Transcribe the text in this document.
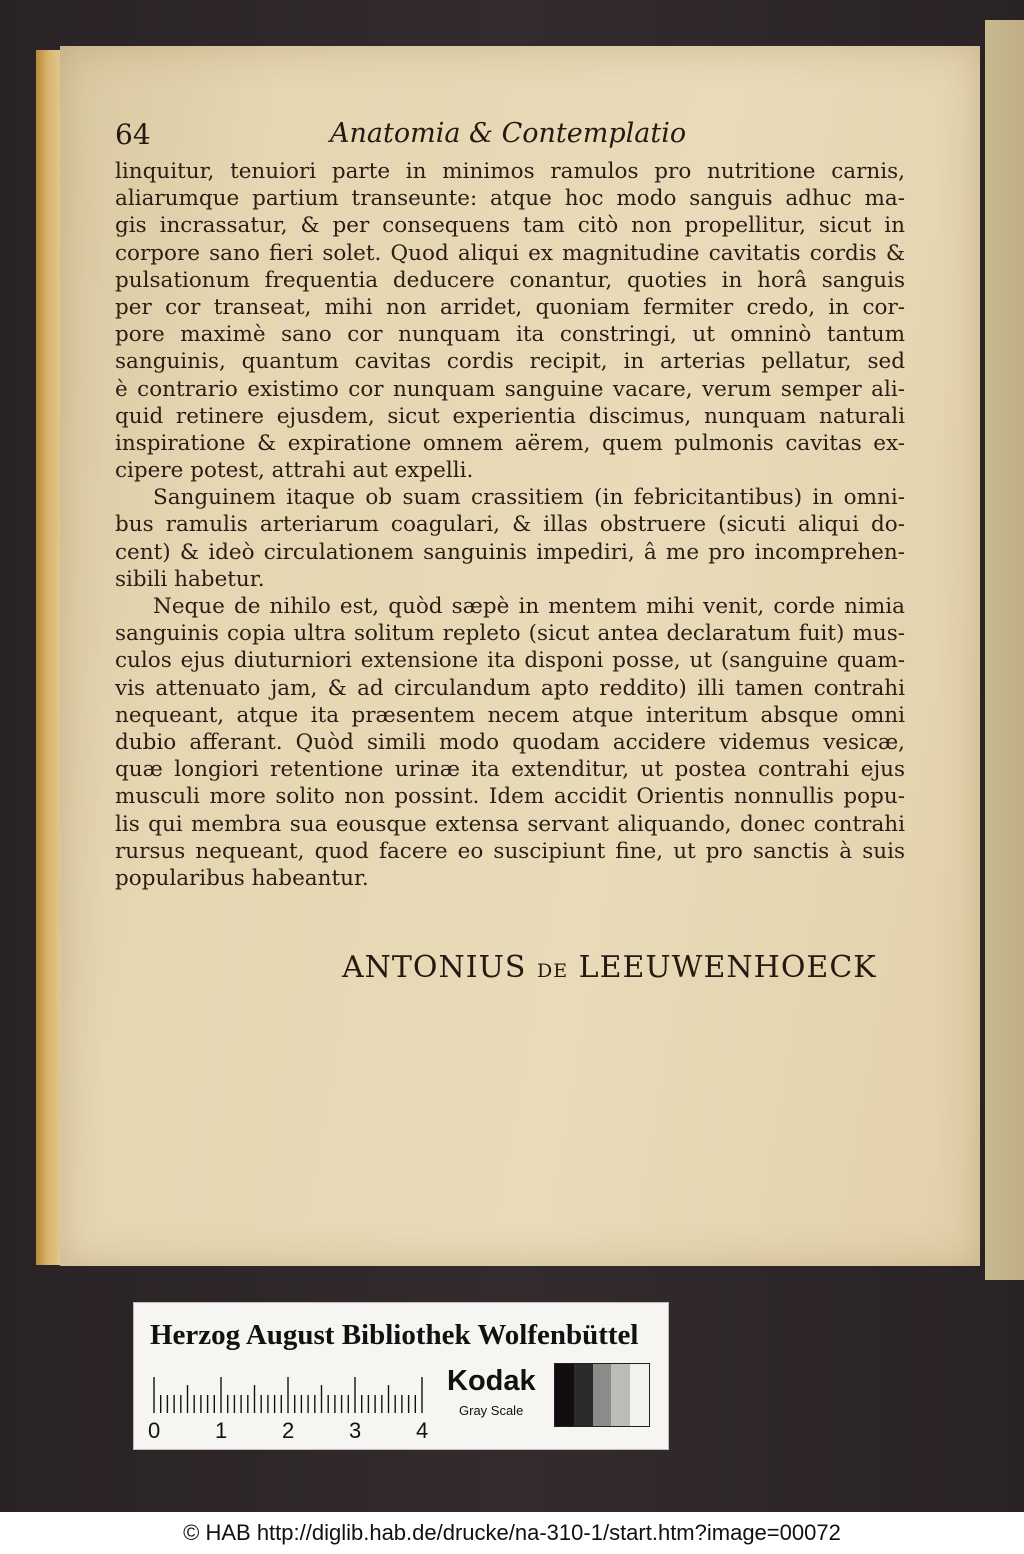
64	Anatomia & Contemplatio
linquitur, tenuiori parte in minimos ramulos pro nutritione carnis,
aliarumque partium transeunte: atque hoc modo sanguis adhuc ma-
gis incrassatur, & per consequens tam citò non propellitur, sicut in
corpore sano fieri solet. Quod aliqui ex magnitudine cavitatis cordis &
pulsationum frequentia deducere conantur, quoties in horâ sanguis
per cor transeat, mihi non arridet, quoniam fermiter credo, in cor-
pore maximè sano cor nunquam ita constringi, ut omninò tantum
sanguinis, quantum cavitas cordis recipit, in arterias pellatur, sed
è contrario existimo cor nunquam sanguine vacare, verum semper ali-
quid retinere ejusdem, sicut experientia discimus, nunquam naturali
inspiratione & expiratione omnem aërem, quem pulmonis cavitas ex-
cipere potest, attrahi aut expelli.
Sanguinem itaque ob suam crassitiem (in febricitantibus) in omni-
bus ramulis arteriarum coagulari, & illas obstruere (sicuti aliqui do-
cent) & ideò circulationem sanguinis impediri, â me pro incomprehen-
sibili habetur.
Neque de nihilo est, quòd sæpè in mentem mihi venit, corde nimia
sanguinis copia ultra solitum repleto (sicut antea declaratum fuit) mus-
culos ejus diuturniori extensione ita disponi posse, ut (sanguine quam-
vis attenuato jam, & ad circulandum apto reddito) illi tamen contrahi
nequeant, atque ita præsentem necem atque interitum absque omni
dubio afferant. Quòd simili modo quodam accidere videmus vesicæ,
quæ longiori retentione urinæ ita extenditur, ut postea contrahi ejus
musculi more solito non possint. Idem accidit Orientis nonnullis popu-
lis qui membra sua eousque extensa servant aliquando, donec contrahi
rursus nequeant, quod facere eo suscipiunt fine, ut pro sanctis à suis
popularibus habeantur.
ANTONIUS DE LEEUWENHOECK
Herzog August Bibliothek Wolfenbüttel
0 1 2 3 4
Kodak
Gray Scale
© HAB http://diglib.hab.de/drucke/na-310-1/start.htm?image=00072
